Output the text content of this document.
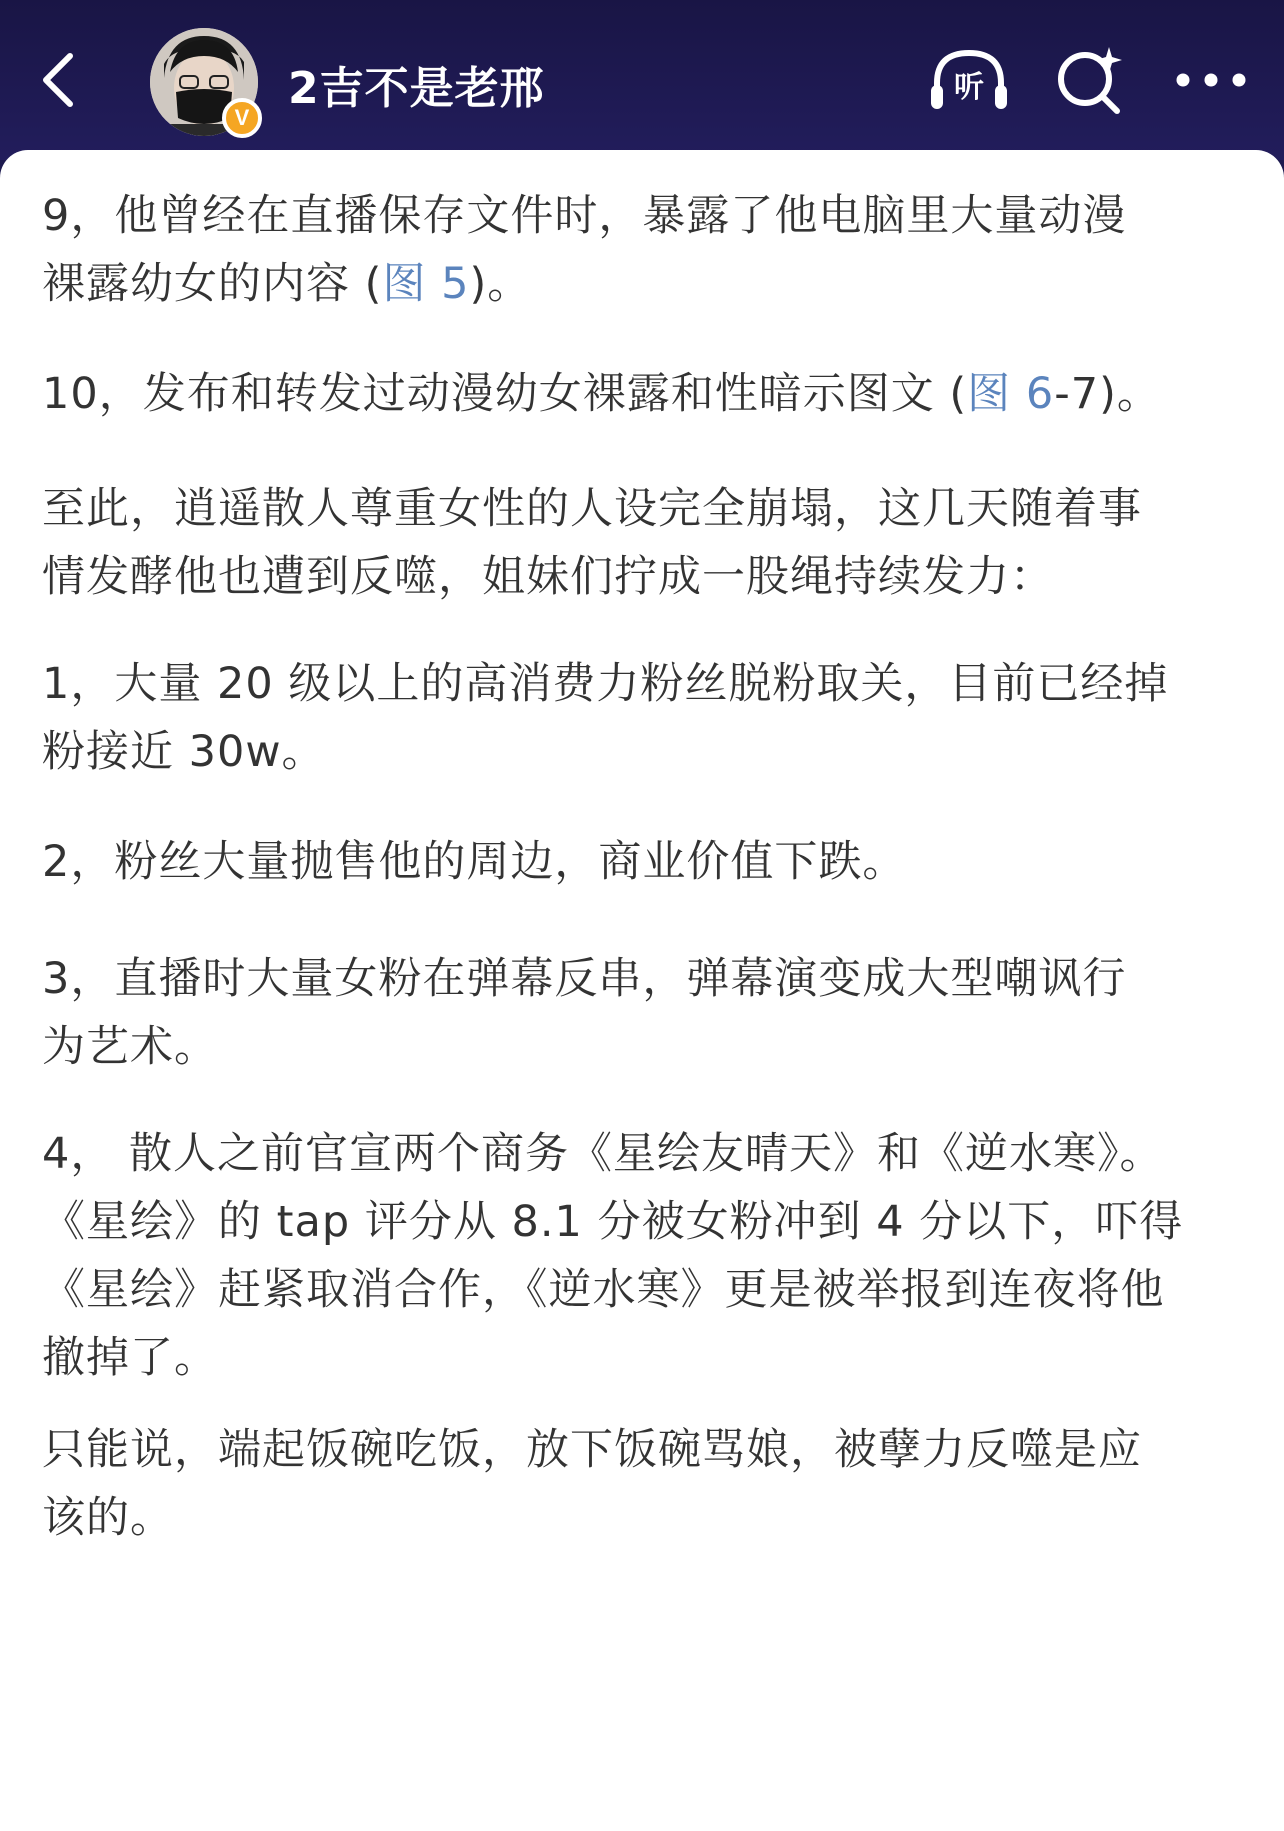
V
2吉不是老邢	听
9，他曾经在直播保存文件时，暴露了他电脑里大量动漫
裸露幼女的内容 (图 5)。
10，发布和转发过动漫幼女裸露和性暗示图文 (图 6-7)。
至此，逍遥散人尊重女性的人设完全崩塌，这几天随着事
情发酵他也遭到反噬，姐妹们拧成一股绳持续发力：
1，大量 20 级以上的高消费力粉丝脱粉取关，目前已经掉
粉接近 30w。
2，粉丝大量抛售他的周边，商业价值下跌。
3，直播时大量女粉在弹幕反串，弹幕演变成大型嘲讽行
为艺术。
4， 散人之前官宣两个商务《星绘友晴天》和《逆水寒》。
《星绘》的 tap 评分从 8.1 分被女粉冲到 4 分以下，吓得
《星绘》赶紧取消合作，《逆水寒》更是被举报到连夜将他
撤掉了。
只能说，端起饭碗吃饭，放下饭碗骂娘，被孽力反噬是应
该的。
